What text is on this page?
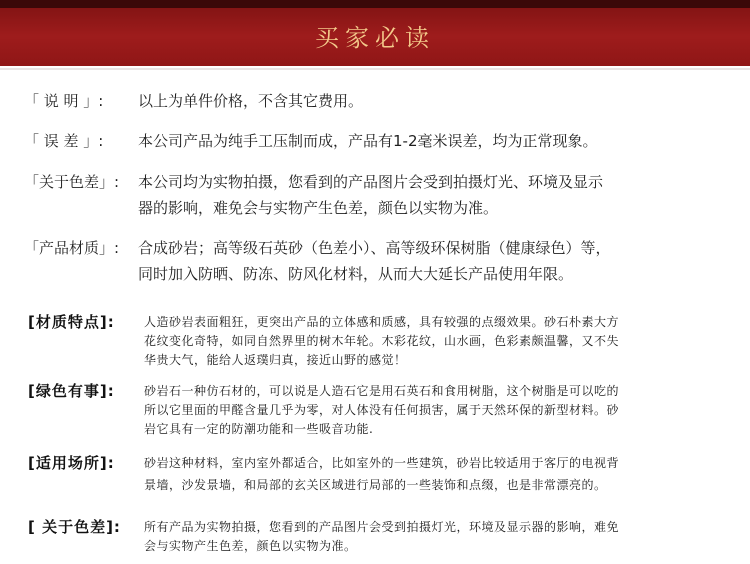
买家必读
「 说 明 」: 以上为单件价格，不含其它费用。
「 误 差 」: 本公司产品为纯手工压制而成，产品有1-2毫米误差，均为正常现象。
「关于色差」: 本公司均为实物拍摄，您看到的产品图片会受到拍摄灯光、环境及显示
器的影响，难免会与实物产生色差，颜色以实物为准。
「产品材质」: 合成砂岩；高等级石英砂（色差小）、高等级环保树脂（健康绿色）等，
同时加入防晒、防冻、防风化材料，从而大大延长产品使用年限。
[材质特点]: 人造砂岩表面粗狂，更突出产品的立体感和质感，具有较强的点缀效果。砂石朴素大方
花纹变化奇特，如同自然界里的树木年轮。木彩花纹，山水画，色彩素颇温馨，又不失
华贵大气，能给人返璞归真，接近山野的感觉！
[绿色有事]: 砂岩石一种仿石材的，可以说是人造石它是用石英石和食用树脂，这个树脂是可以吃的
所以它里面的甲醛含量几乎为零，对人体没有任何损害，属于天然环保的新型材料。砂
岩它具有一定的防潮功能和一些吸音功能.
[适用场所]: 砂岩这种材料，室内室外都适合，比如室外的一些建筑，砂岩比较适用于客厅的电视背
景墙，沙发景墙，和局部的玄关区域进行局部的一些装饰和点缀，也是非常漂亮的。
[ 关于色差]: 所有产品为实物拍摄，您看到的产品图片会受到拍摄灯光，环境及显示器的影响，难免
会与实物产生色差，颜色以实物为准。
